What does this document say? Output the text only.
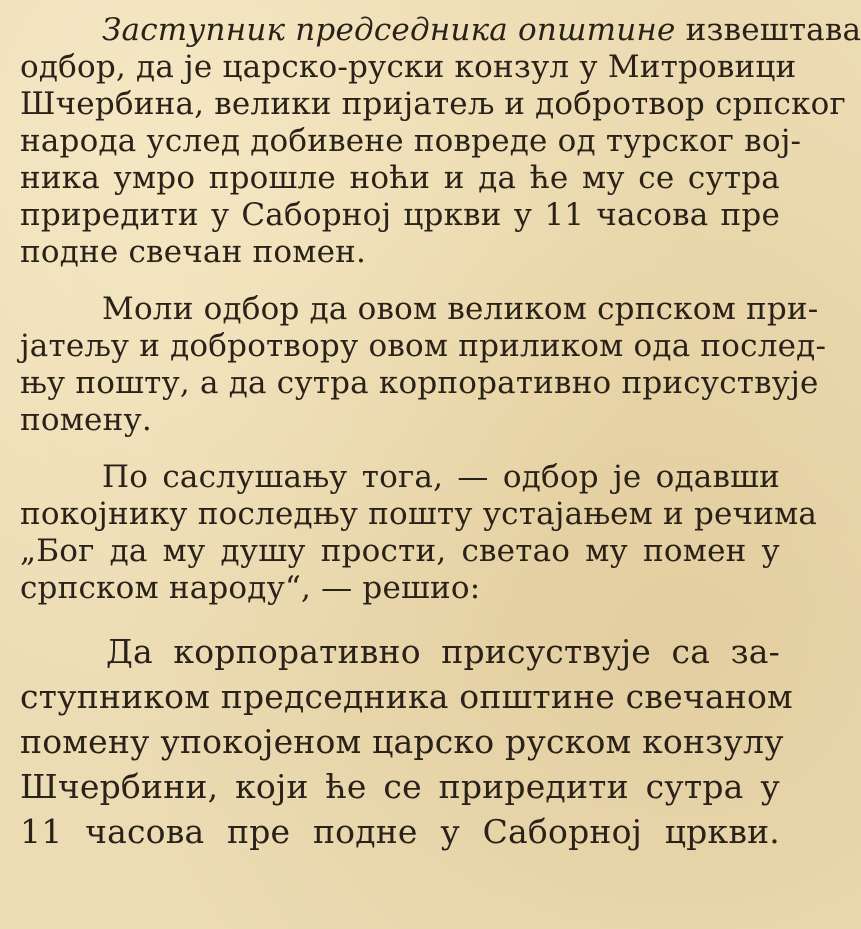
Заступник председника општине извештава
одбор, да је царско-руски конзул у Митровици
Шчербина, велики пријатељ и добротвор српског
народа услед добивене повреде од турског вој-
ника умро прошле ноћи и да ће му се сутра
приредити у Саборној цркви у 11 часова пре
подне свечан помен.
Моли одбор да овом великом српском при-
јатељу и добротвору овом приликом ода послед-
њу пошту, а да сутра корпоративно присуствује
помену.
По саслушању тога, — одбор је одавши
покојнику последњу пошту устајањем и речима
„Бог да му душу прости, светао му помен у
српском народу“, — решио:
Да корпоративно присуствује са за-
ступником председника општине свечаном
помену упокојеном царско руском конзулу
Шчербини, који ће се приредити сутра у
11 часова пре подне у Саборној цркви.
